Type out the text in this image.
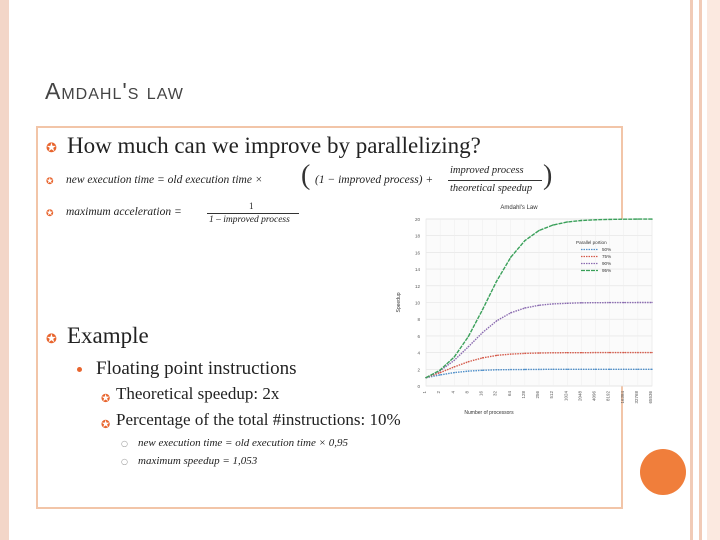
Amdahl's law
✪ How much can we improve by parallelizing?
✪ new execution time = old execution time × ( (1 − improved process) +
improved process
theoretical speedup )
✪ maximum acceleration =	1
1 – improved process
✪ Example
Floating point instructions
✪ Theoretical speedup: 2x
✪ Percentage of the total #instructions: 10%
○ new execution time = old execution time × 0,95
○ maximum speedup = 1,053
0
2
4
6
8
10
12
14
16
18
20
1 2 4 8 16 32 64 128 256 512 1024 2048 4096 8192 16384 32768 65536
Amdahl's Law
Number of processors
Speedup
Parallel portion
50%
75%
90%
95%
